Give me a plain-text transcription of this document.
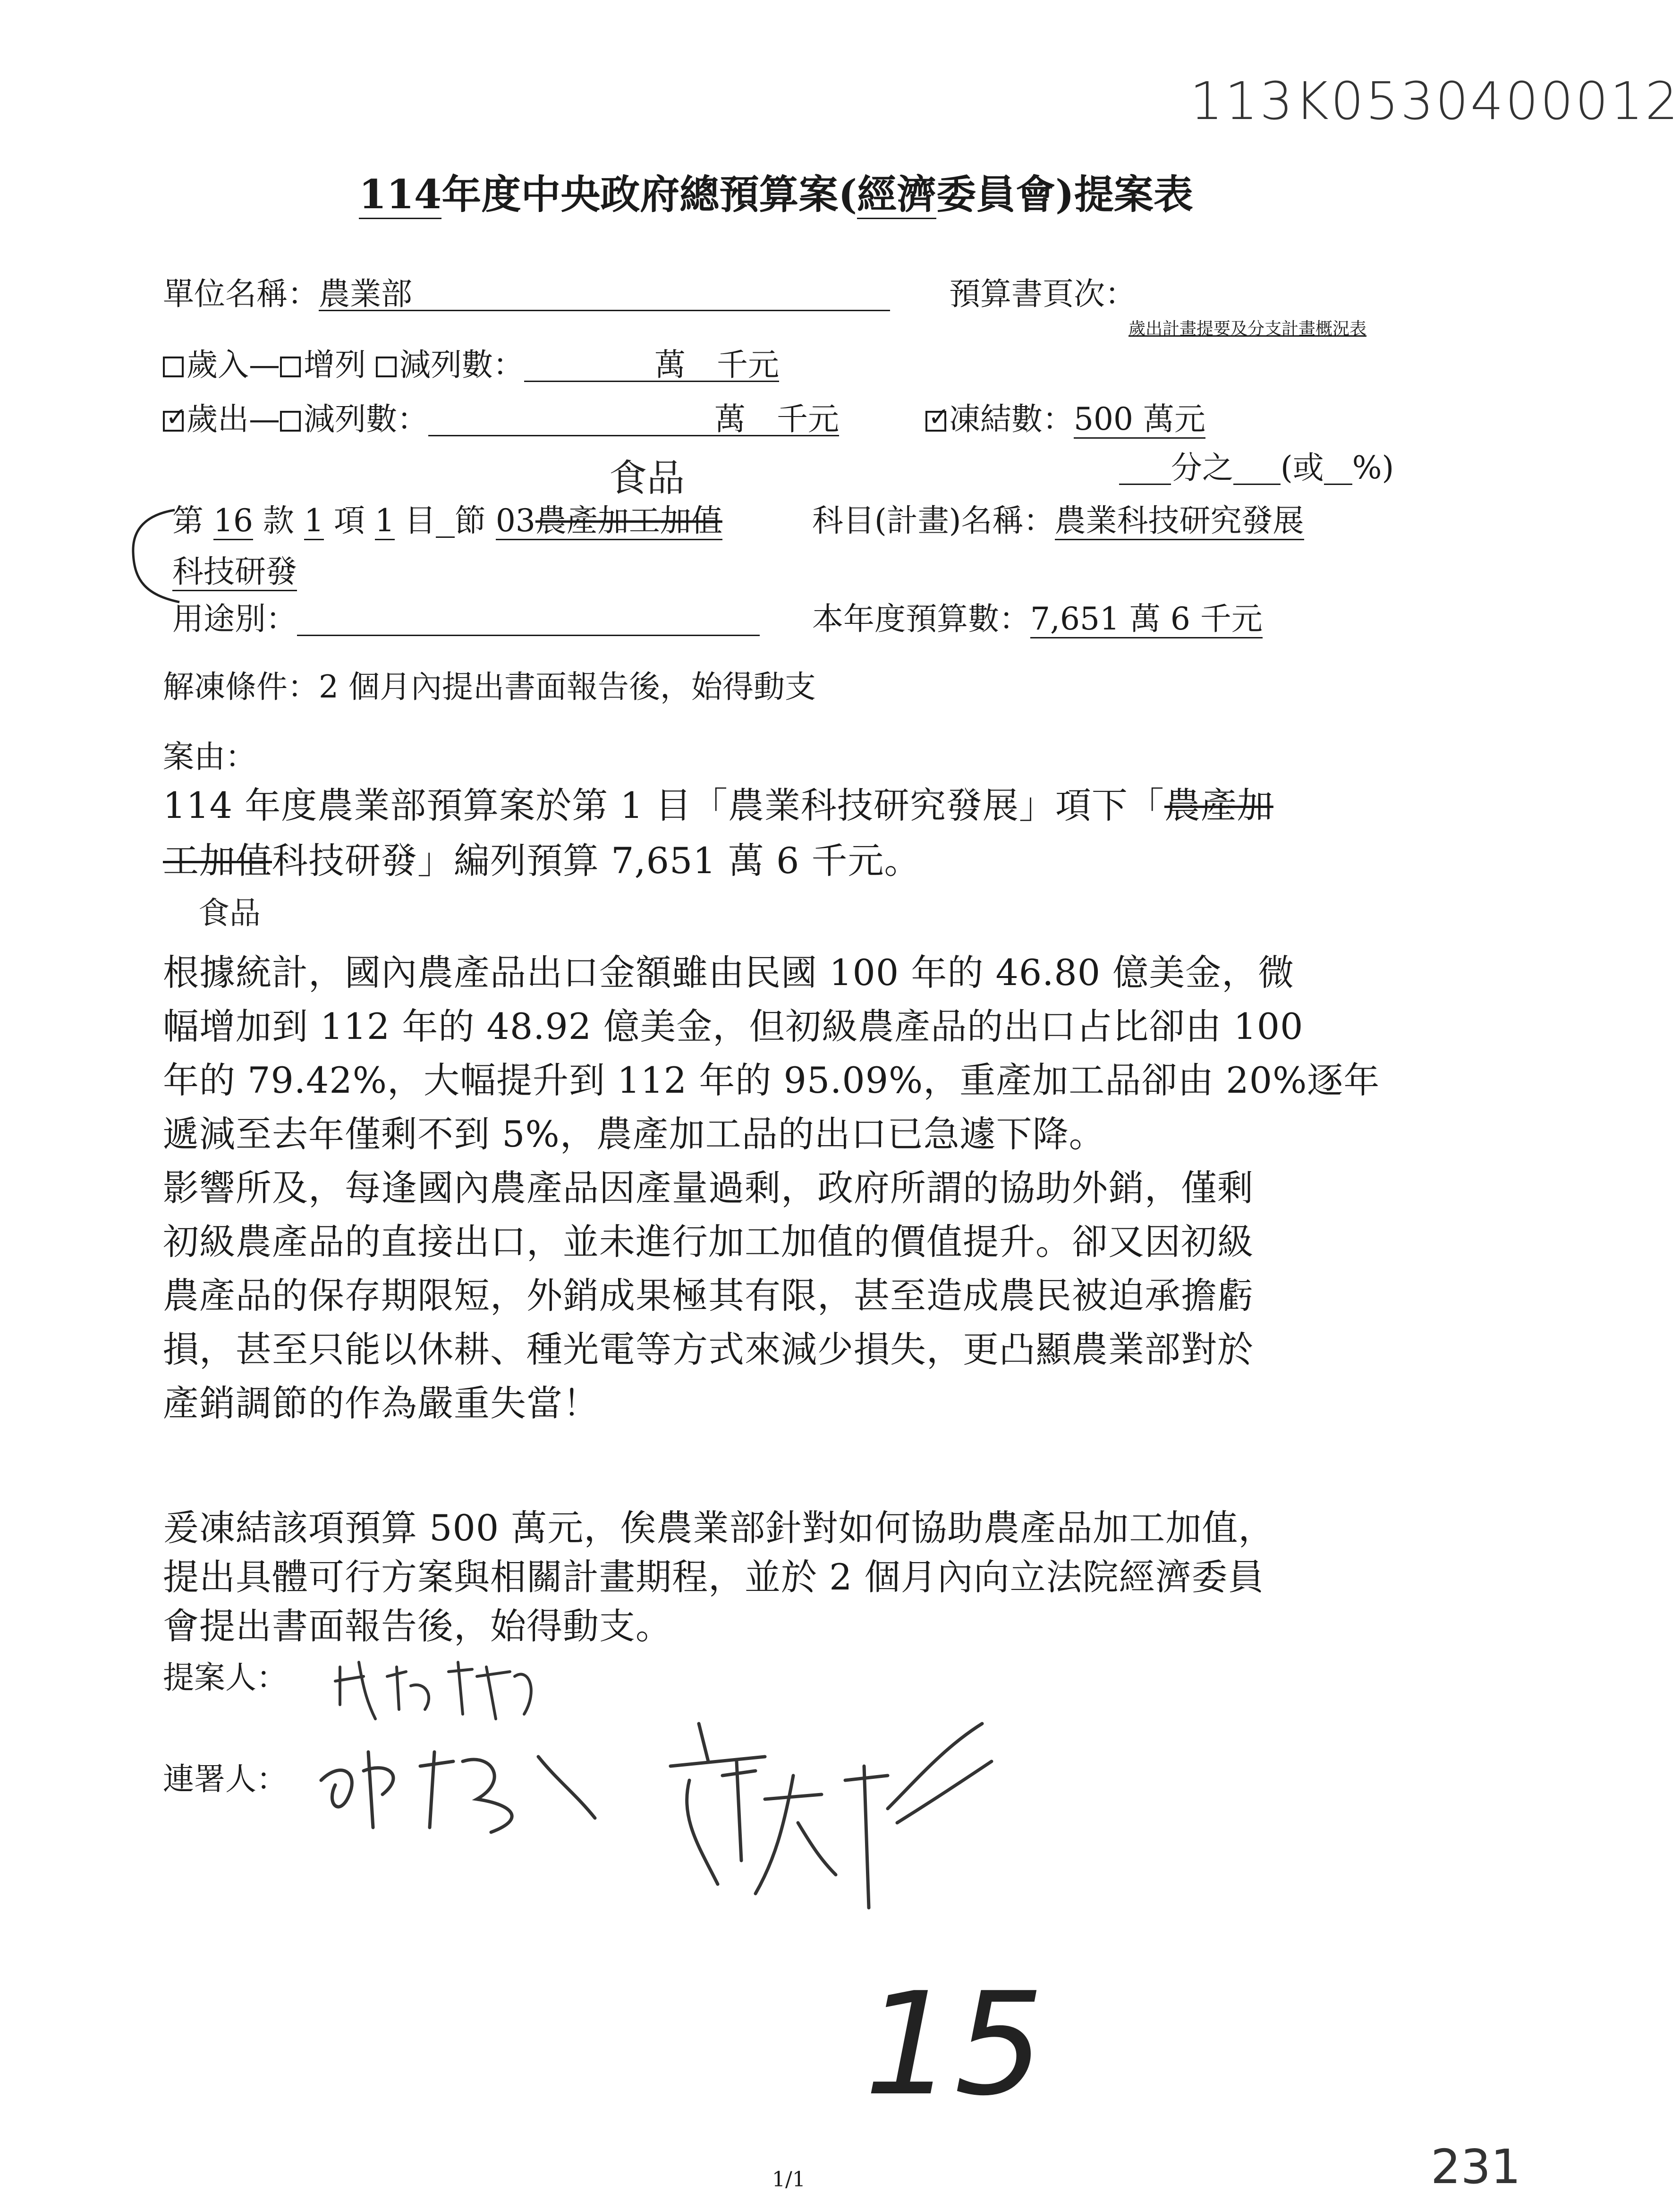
113K0530400012
114年度中央政府總預算案(經濟委員會)提案表
單位名稱：農業部	預算書頁次：
歲出計畫提要及分支計畫概況表
歲入— 增列 減列數：	萬　千元
✓歲出— 減列數：	萬　千元
✓	凍結數：500 萬元
食品	分之 (或 %)
第 16 款 1 項 1 目 節 03農產加工加值	科目(計畫)名稱：農業科技研究發展
科技研發
用途別：	本年度預算數：7,651 萬 6 千元
解凍條件：2 個月內提出書面報告後，始得動支
案由：
114 年度農業部預算案於第 1 目「農業科技研究發展」項下「農產加
工加值科技研發」編列預算 7,651 萬 6 千元。
食品
根據統計，國內農產品出口金額雖由民國 100 年的 46.80 億美金，微
幅增加到 112 年的 48.92 億美金，但初級農產品的出口占比卻由 100
年的 79.42%，大幅提升到 112 年的 95.09%，重產加工品卻由 20%逐年
遞減至去年僅剩不到 5%，農產加工品的出口已急遽下降。
影響所及，每逢國內農產品因產量過剩，政府所謂的協助外銷，僅剩
初級農產品的直接出口，並未進行加工加值的價值提升。卻又因初級
農產品的保存期限短，外銷成果極其有限，甚至造成農民被迫承擔虧
損，甚至只能以休耕、種光電等方式來減少損失，更凸顯農業部對於
產銷調節的作為嚴重失當！
爰凍結該項預算 500 萬元，俟農業部針對如何協助農產品加工加值，
提出具體可行方案與相關計畫期程，並於 2 個月內向立法院經濟委員
會提出書面報告後，始得動支。
提案人：
連署人：
15
1/1	231
